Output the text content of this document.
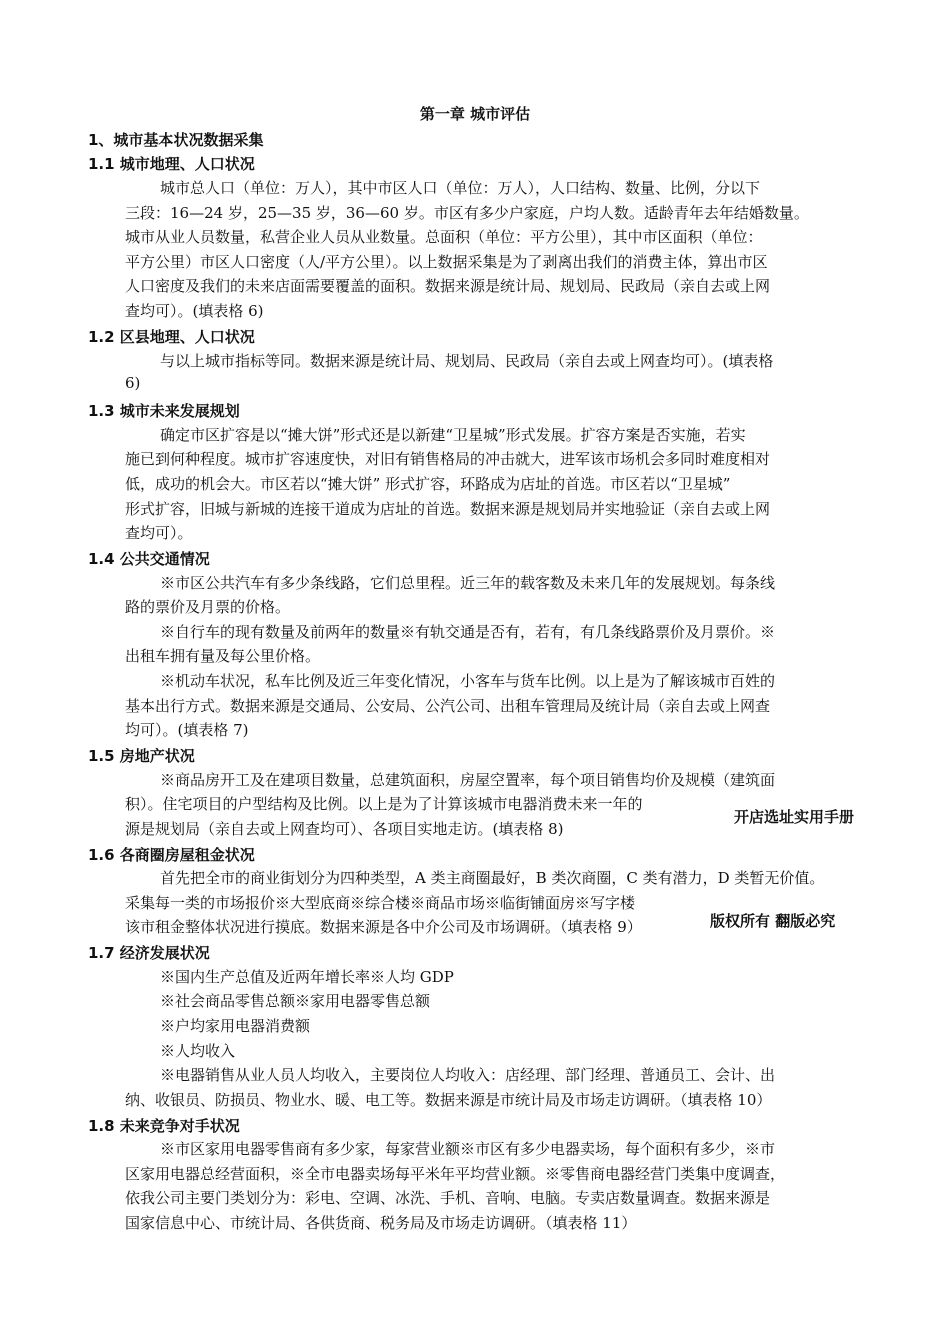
第一章 城市评估
1、城市基本状况数据采集
1.1 城市地理、人口状况
城市总人口（单位：万人），其中市区人口（单位：万人），人口结构、数量、比例，分以下
三段：16—24 岁，25—35 岁，36—60 岁。市区有多少户家庭，户均人数。适龄青年去年结婚数量。
城市从业人员数量，私营企业人员从业数量。总面积（单位：平方公里），其中市区面积（单位：
平方公里）市区人口密度（人/平方公里）。以上数据采集是为了剥离出我们的消费主体，算出市区
人口密度及我们的未来店面需要覆盖的面积。数据来源是统计局、规划局、民政局（亲自去或上网
查均可）。(填表格 6)
1.2 区县地理、人口状况
与以上城市指标等同。数据来源是统计局、规划局、民政局（亲自去或上网查均可）。(填表格
6)
1.3 城市未来发展规划
确定市区扩容是以“摊大饼”形式还是以新建“卫星城”形式发展。扩容方案是否实施，若实
施已到何种程度。城市扩容速度快，对旧有销售格局的冲击就大，进军该市场机会多同时难度相对
低，成功的机会大。市区若以“摊大饼” 形式扩容，环路成为店址的首选。市区若以“卫星城”
形式扩容，旧城与新城的连接干道成为店址的首选。数据来源是规划局并实地验证（亲自去或上网
查均可）。
1.4 公共交通情况
※市区公共汽车有多少条线路，它们总里程。近三年的载客数及未来几年的发展规划。每条线
路的票价及月票的价格。
※自行车的现有数量及前两年的数量※有轨交通是否有，若有，有几条线路票价及月票价。※
出租车拥有量及每公里价格。
※机动车状况，私车比例及近三年变化情况，小客车与货车比例。以上是为了解该城市百姓的
基本出行方式。数据来源是交通局、公安局、公汽公司、出租车管理局及统计局（亲自去或上网查
均可）。(填表格 7)
1.5 房地产状况
※商品房开工及在建项目数量，总建筑面积，房屋空置率，每个项目销售均价及规模（建筑面
积）。住宅项目的户型结构及比例。以上是为了计算该城市电器消费未来一年的
源是规划局（亲自去或上网查均可）、各项目实地走访。(填表格 8)
1.6 各商圈房屋租金状况
首先把全市的商业街划分为四种类型，A 类主商圈最好，B 类次商圈，C 类有潜力，D 类暂无价值。
采集每一类的市场报价※大型底商※综合楼※商品市场※临街铺面房※写字楼
该市租金整体状况进行摸底。数据来源是各中介公司及市场调研。（填表格 9）
1.7 经济发展状况
※国内生产总值及近两年增长率※人均 GDP
※社会商品零售总额※家用电器零售总额
※户均家用电器消费额
※人均收入
※电器销售从业人员人均收入，主要岗位人均收入：店经理、部门经理、普通员工、会计、出
纳、收银员、防损员、物业水、暖、电工等。数据来源是市统计局及市场走访调研。（填表格 10）
1.8 未来竞争对手状况
※市区家用电器零售商有多少家，每家营业额※市区有多少电器卖场，每个面积有多少，※市
区家用电器总经营面积，※全市电器卖场每平米年平均营业额。※零售商电器经营门类集中度调查，
依我公司主要门类划分为：彩电、空调、冰洗、手机、音响、电脑。专卖店数量调查。数据来源是
国家信息中心、市统计局、各供货商、税务局及市场走访调研。（填表格 11）
开店选址实用手册
版权所有 翻版必究
